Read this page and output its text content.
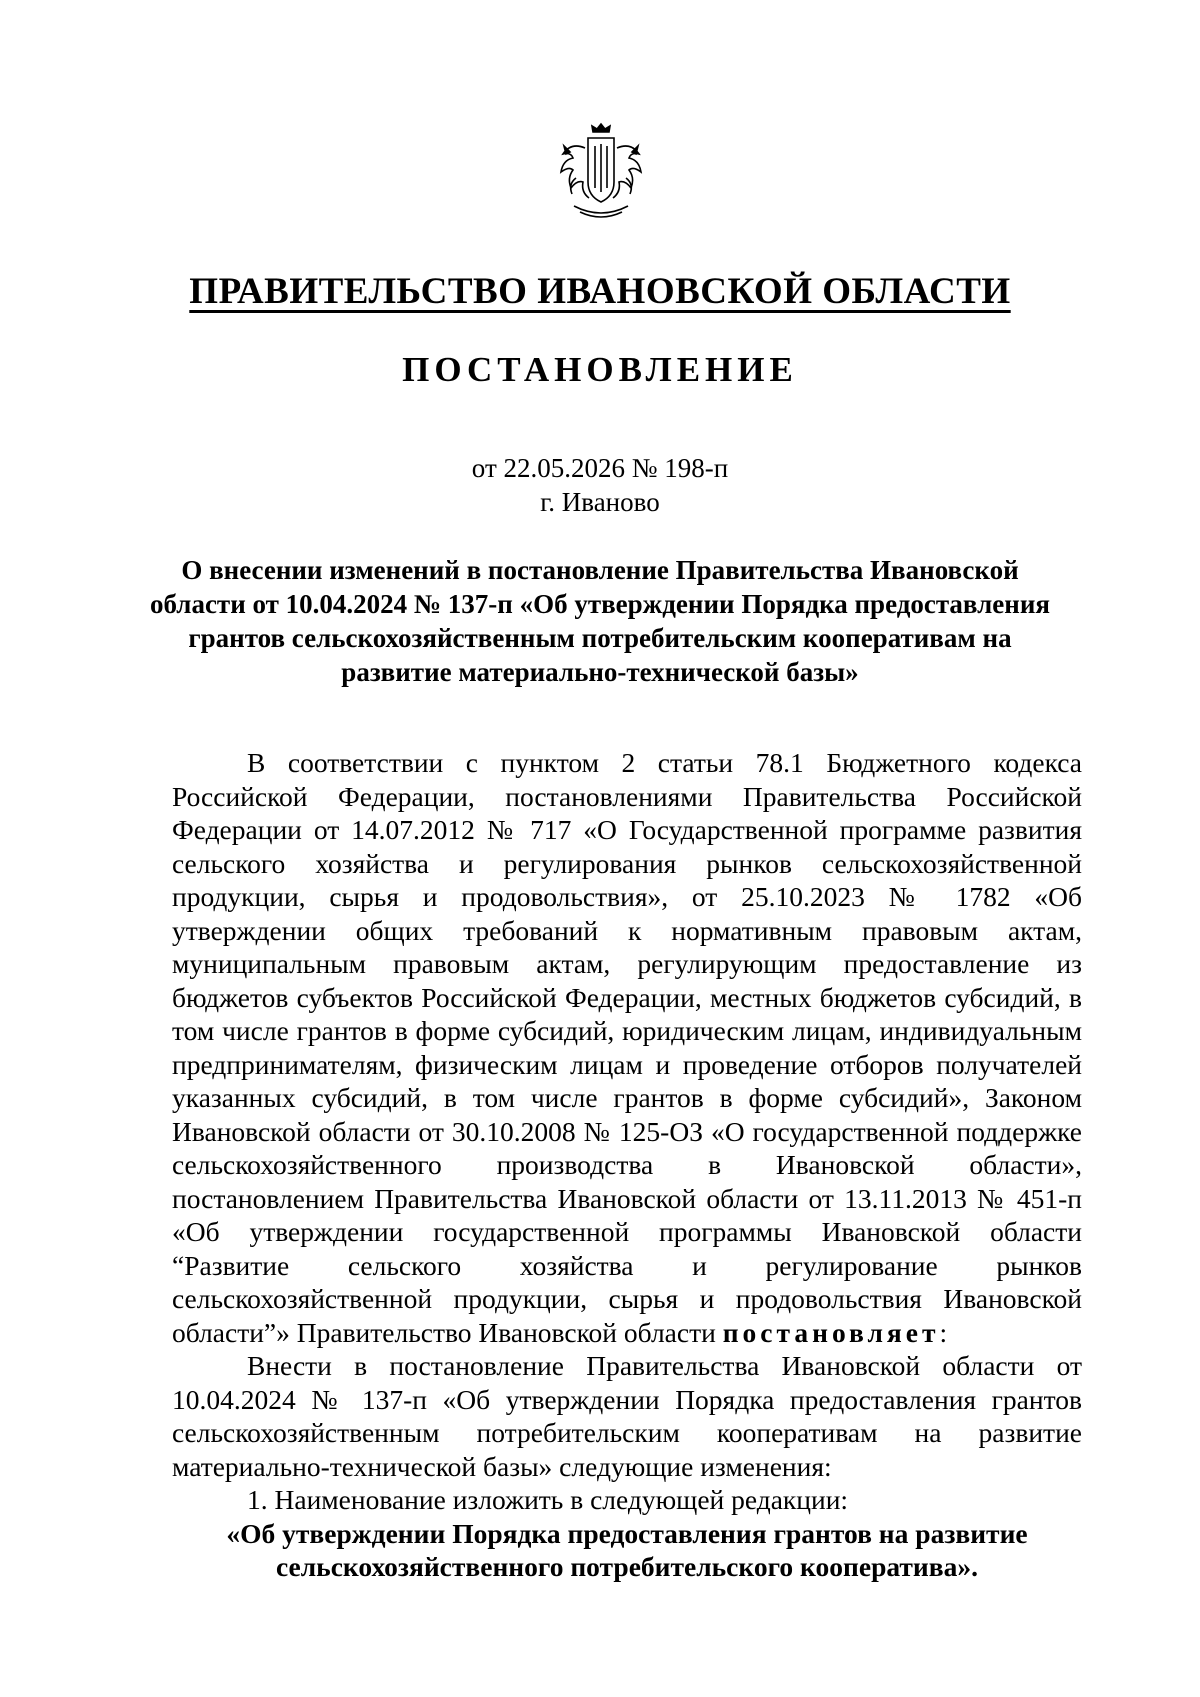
ПРАВИТЕЛЬСТВО ИВАНОВСКОЙ ОБЛАСТИ
ПОСТАНОВЛЕНИЕ
от 22.05.2026 № 198-п
г. Иваново
О внесении изменений в постановление Правительства Ивановской области от 10.04.2024 № 137-п «Об утверждении Порядка предоставления грантов сельскохозяйственным потребительским кооперативам на развитие материально-технической базы»

В соответствии с пунктом 2 статьи 78.1 Бюджетного кодекса Российской Федерации, постановлениями Правительства Российской Федерации от 14.07.2012 № 717 «О Государственной программе развития сельского хозяйства и регулирования рынков сельскохозяйственной продукции, сырья и продовольствия», от 25.10.2023 № 1782 «Об утверждении общих требований к нормативным правовым актам, муниципальным правовым актам, регулирующим предоставление из бюджетов субъектов Российской Федерации, местных бюджетов субсидий, в том числе грантов в форме субсидий, юридическим лицам, индивидуальным предпринимателям, физическим лицам и проведение отборов получателей указанных субсидий, в том числе грантов в форме субсидий», Законом Ивановской области от 30.10.2008 № 125-ОЗ «О государственной поддержке сельскохозяйственного производства в Ивановской области», постановлением Правительства Ивановской области от 13.11.2013 № 451-п «Об утверждении государственной программы Ивановской области “Развитие сельского хозяйства и регулирование рынков сельскохозяйственной продукции, сырья и продовольствия Ивановской области”» Правительство Ивановской области постановляет:

Внести в постановление Правительства Ивановской области от 10.04.2024 № 137-п «Об утверждении Порядка предоставления грантов сельскохозяйственным потребительским кооперативам на развитие материально-технической базы» следующие изменения:

1. Наименование изложить в следующей редакции:

«Об утверждении Порядка предоставления грантов на развитие сельскохозяйственного потребительского кооператива».
